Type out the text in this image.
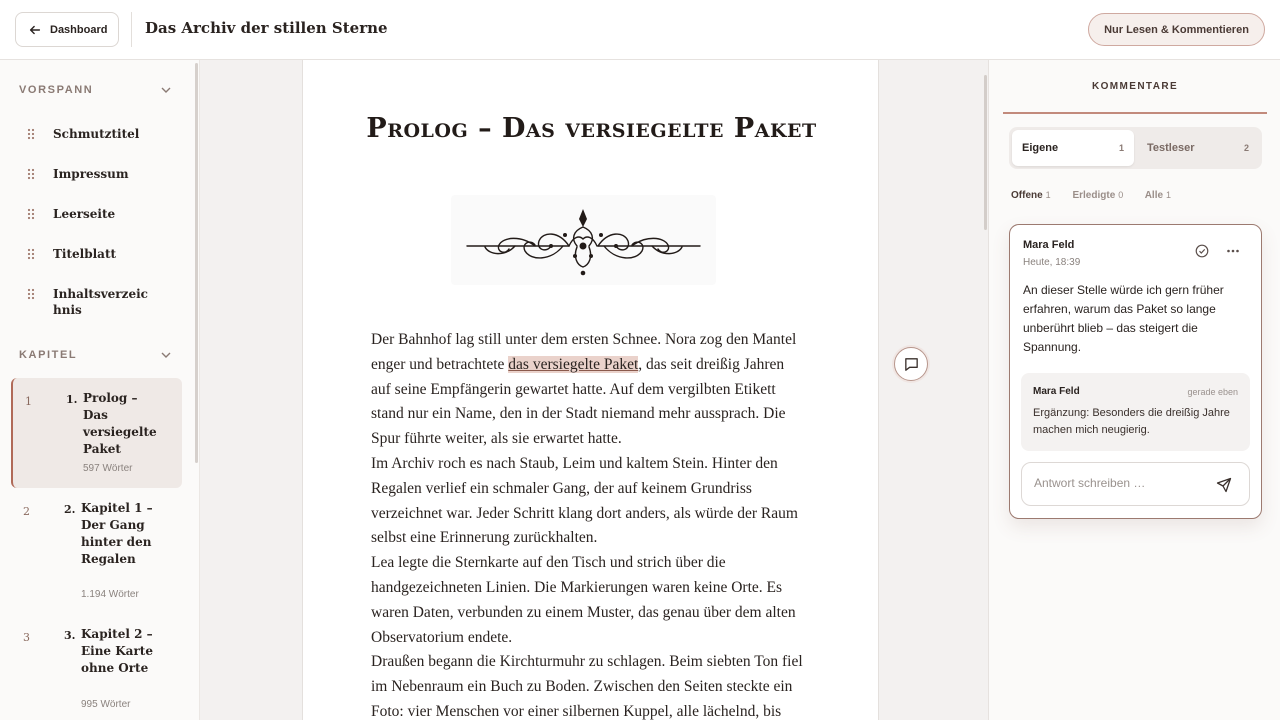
Dashboard	Das Archiv der stillen Sterne	Nur Lesen & Kommentieren
VORSPANN
Schmutztitel
Impressum
Leerseite
Titelblatt
Inhaltsverzeichnis
KAPITEL
1	1. Prolog – Das versiegelte Paket
597 Wörter
2	2. Kapitel 1 – Der Gang hinter den Regalen
1.194 Wörter
3	3. Kapitel 2 – Eine Karte ohne Orte
995 Wörter
Prolog – Das versiegelte Paket

Der Bahnhof lag still unter dem ersten Schnee. Nora zog den Mantel enger und betrachtete das versiegelte Paket, das seit dreißig Jahren auf seine Empfängerin gewartet hatte. Auf dem vergilbten Etikett stand nur ein Name, den in der Stadt niemand mehr aussprach. Die Spur führte weiter, als sie erwartet hatte.

Im Archiv roch es nach Staub, Leim und kaltem Stein. Hinter den Regalen verlief ein schmaler Gang, der auf keinem Grundriss verzeichnet war. Jeder Schritt klang dort anders, als würde der Raum selbst eine Erinnerung zurückhalten.

Lea legte die Sternkarte auf den Tisch und strich über die handgezeichneten Linien. Die Markierungen waren keine Orte. Es waren Daten, verbunden zu einem Muster, das genau über dem alten Observatorium endete.

Draußen begann die Kirchturmuhr zu schlagen. Beim siebten Ton fiel im Nebenraum ein Buch zu Boden. Zwischen den Seiten steckte ein Foto: vier Menschen vor einer silbernen Kuppel, alle lächelnd, bis

KOMMENTARE
Eigene	1 Testleser	2
Offene 1 Erledigte 0 Alle 1
Mara Feld
Heute, 18:39
An dieser Stelle würde ich gern früher erfahren, warum das Paket so lange unberührt blieb – das steigert die Spannung.
Mara Feld	gerade eben
Ergänzung: Besonders die dreißig Jahre machen mich neugierig.
Antwort schreiben …
